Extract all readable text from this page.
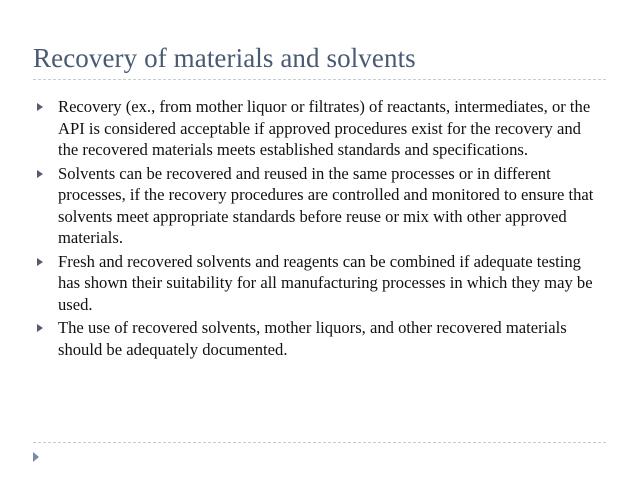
Recovery of materials and solvents
Recovery (ex., from mother liquor or filtrates) of reactants, intermediates, or the API is considered acceptable if approved procedures exist for the recovery and the recovered materials meets established standards and specifications.
Solvents can be recovered and reused in the same processes or in different processes, if the recovery procedures are controlled and monitored to ensure that solvents meet appropriate standards before reuse or mix with other approved materials.
Fresh and recovered solvents and reagents can be combined if adequate testing has shown their suitability for all manufacturing processes in which they may be used.
The use of recovered solvents, mother liquors, and other recovered materials should be adequately documented.
